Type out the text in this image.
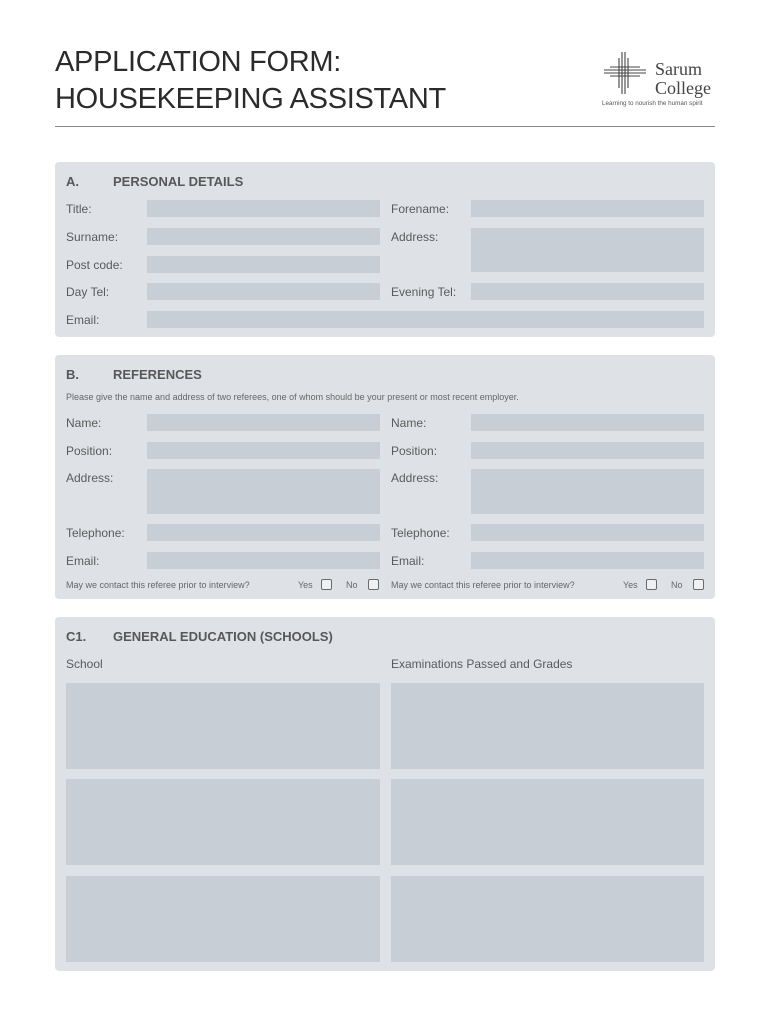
APPLICATION FORM:
HOUSEKEEPING ASSISTANT
Sarum
College
Learning to nourish the human spirit
A.	PERSONAL DETAILS
Title:	Forename:
Surname:	Address:
Post code:
Day Tel:	Evening Tel:
Email:
B.	REFERENCES
Please give the name and address of two referees, one of whom should be your present or most recent employer.
Name:
Position:
Address:
Telephone:
Email:
May we contact this referee prior to interview?	Yes	No
Name:
Position:
Address:
Telephone:
Email:
May we contact this referee prior to interview?	Yes	No
C1. GENERAL EDUCATION (SCHOOLS)
School	Examinations Passed and Grades
